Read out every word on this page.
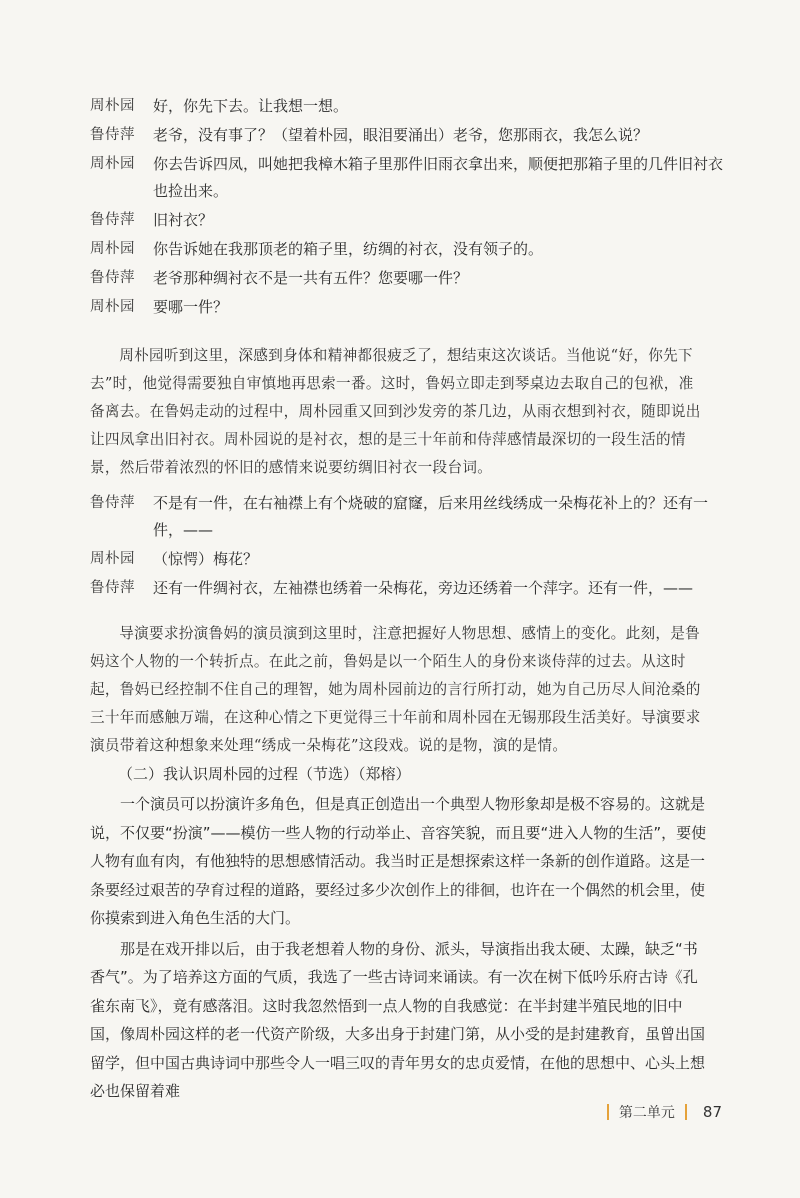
周朴园	好，你先下去。让我想一想。
鲁侍萍	老爷，没有事了？（望着朴园，眼泪要涌出）老爷，您那雨衣，我怎么说？
周朴园	你去告诉四凤，叫她把我樟木箱子里那件旧雨衣拿出来，顺便把那箱子里的几件旧衬衣也捡出来。
鲁侍萍	旧衬衣？
周朴园	你告诉她在我那顶老的箱子里，纺绸的衬衣，没有领子的。
鲁侍萍	老爷那种绸衬衣不是一共有五件？您要哪一件？
周朴园	要哪一件？
周朴园听到这里，深感到身体和精神都很疲乏了，想结束这次谈话。当他说“好，你先下去”时，他觉得需要独自审慎地再思索一番。这时，鲁妈立即走到琴桌边去取自己的包袱，准备离去。在鲁妈走动的过程中，周朴园重又回到沙发旁的茶几边，从雨衣想到衬衣，随即说出让四凤拿出旧衬衣。周朴园说的是衬衣，想的是三十年前和侍萍感情最深切的一段生活的情景，然后带着浓烈的怀旧的感情来说要纺绸旧衬衣一段台词。
鲁侍萍	不是有一件，在右袖襟上有个烧破的窟窿，后来用丝线绣成一朵梅花补上的？还有一件，——
周朴园	（惊愕）梅花？
鲁侍萍	还有一件绸衬衣，左袖襟也绣着一朵梅花，旁边还绣着一个萍字。还有一件，——
导演要求扮演鲁妈的演员演到这里时，注意把握好人物思想、感情上的变化。此刻，是鲁妈这个人物的一个转折点。在此之前，鲁妈是以一个陌生人的身份来谈侍萍的过去。从这时起，鲁妈已经控制不住自己的理智，她为周朴园前边的言行所打动，她为自己历尽人间沧桑的三十年而感触万端，在这种心情之下更觉得三十年前和周朴园在无锡那段生活美好。导演要求演员带着这种想象来处理“绣成一朵梅花”这段戏。说的是物，演的是情。
（二）我认识周朴园的过程（节选）（郑榕）

一个演员可以扮演许多角色，但是真正创造出一个典型人物形象却是极不容易的。这就是说，不仅要“扮演”——模仿一些人物的行动举止、音容笑貌，而且要“进入人物的生活”，要使人物有血有肉，有他独特的思想感情活动。我当时正是想探索这样一条新的创作道路。这是一条要经过艰苦的孕育过程的道路，要经过多少次创作上的徘徊，也许在一个偶然的机会里，使你摸索到进入角色生活的大门。

那是在戏开排以后，由于我老想着人物的身份、派头，导演指出我太硬、太躁，缺乏“书香气”。为了培养这方面的气质，我选了一些古诗词来诵读。有一次在树下低吟乐府古诗《孔雀东南飞》，竟有感落泪。这时我忽然悟到一点人物的自我感觉：在半封建半殖民地的旧中国，像周朴园这样的老一代资产阶级，大多出身于封建门第，从小受的是封建教育，虽曾出国留学，但中国古典诗词中那些令人一唱三叹的青年男女的忠贞爱情，在他的思想中、心头上想必也保留着难

第二单元 87
